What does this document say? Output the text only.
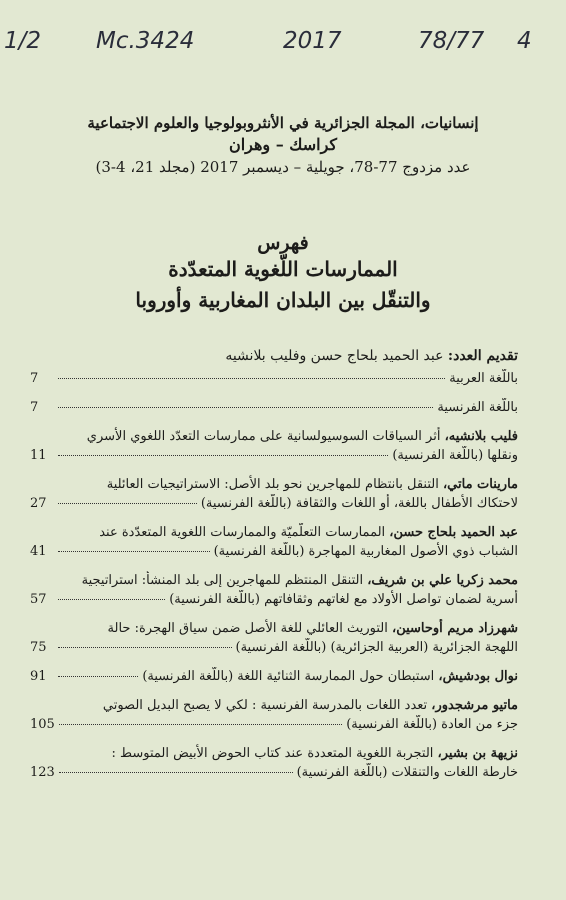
1/2 Mc.3424	2017	78/77 4
إنسانيات، المجلة الجزائرية في الأنثروبولوجيا والعلوم الاجتماعية
كراسك – وهران
عدد مزدوج 77-78، جويلية – ديسمبر 2017 (مجلد 21، 4-3)
فهرس
الممارسات اللّغوية المتعدّدة
والتنقّل بين البلدان المغاربية وأوروبا
تقديم العدد: عبد الحميد بلحاج حسن وفليب بلانشيه
باللّغة العربية
7
باللّغة الفرنسية
7
فليب بلانشيه، أثر السياقات السوسيولسانية على ممارسات التعدّد اللغوي الأسري
ونقلها (باللّغة الفرنسية)
11
مارينات ماتي، التنقل بانتظام للمهاجرين نحو بلد الأصل: الاستراتيجيات العائلية
لاحتكاك الأطفال باللغة، أو اللغات والثقافة (باللّغة الفرنسية)
27
عبد الحميد بلحاج حسن، الممارسات التعلّميّة والممارسات اللغوية المتعدّدة عند
الشباب ذوي الأصول المغاربية المهاجرة (باللّغة الفرنسية)
41
محمد زكريا علي بن شريف، التنقل المنتظم للمهاجرين إلى بلد المنشأ: استراتيجية
أسرية لضمان تواصل الأولاد مع لغاتهم وثقافاتهم (باللّغة الفرنسية)
57
شهرزاد مريم أوحاسين، التوريث العائلي للغة الأصل ضمن سياق الهجرة: حالة
اللهجة الجزائرية (العربية الجزائرية) (باللّغة الفرنسية)
75
نوال بودشيش، استبطان حول الممارسة الثنائية اللغة (باللّغة الفرنسية)
91
ماتيو مرشجدور، تعدد اللغات بالمدرسة الفرنسية : لكي لا يصبح البديل الصوتي
جزء من العادة (باللّغة الفرنسية)
105
نزيهة بن بشير، التجربة اللغوية المتعددة عند كتاب الحوض الأبيض المتوسط :
خارطة اللغات والتنقلات (باللّغة الفرنسية)
123
